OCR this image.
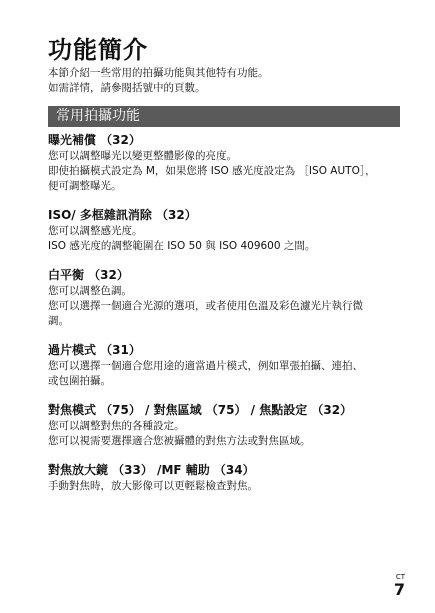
功能簡介
本節介紹一些常用的拍攝功能與其他特有功能。
如需詳情，請參閱括號中的頁數。
常用拍攝功能
曝光補償 （32）
您可以調整曝光以變更整體影像的亮度。
即使拍攝模式設定為 M，如果您將 ISO 感光度設定為 ［ISO AUTO］，
便可調整曝光。
ISO/ 多框雜訊消除 （32）
您可以調整感光度。
ISO 感光度的調整範圍在 ISO 50 與 ISO 409600 之間。
白平衡 （32）
您可以調整色調。
您可以選擇一個適合光源的選項，或者使用色溫及彩色濾光片執行微
調。
過片模式 （31）
您可以選擇一個適合您用途的適當過片模式，例如單張拍攝、連拍、
或包圍拍攝。
對焦模式 （75） / 對焦區域 （75） / 焦點設定 （32）
您可以調整對焦的各種設定。
您可以視需要選擇適合您被攝體的對焦方法或對焦區域。
對焦放大鏡 （33） /MF 輔助 （34）
手動對焦時，放大影像可以更輕鬆檢查對焦。
CT
7
